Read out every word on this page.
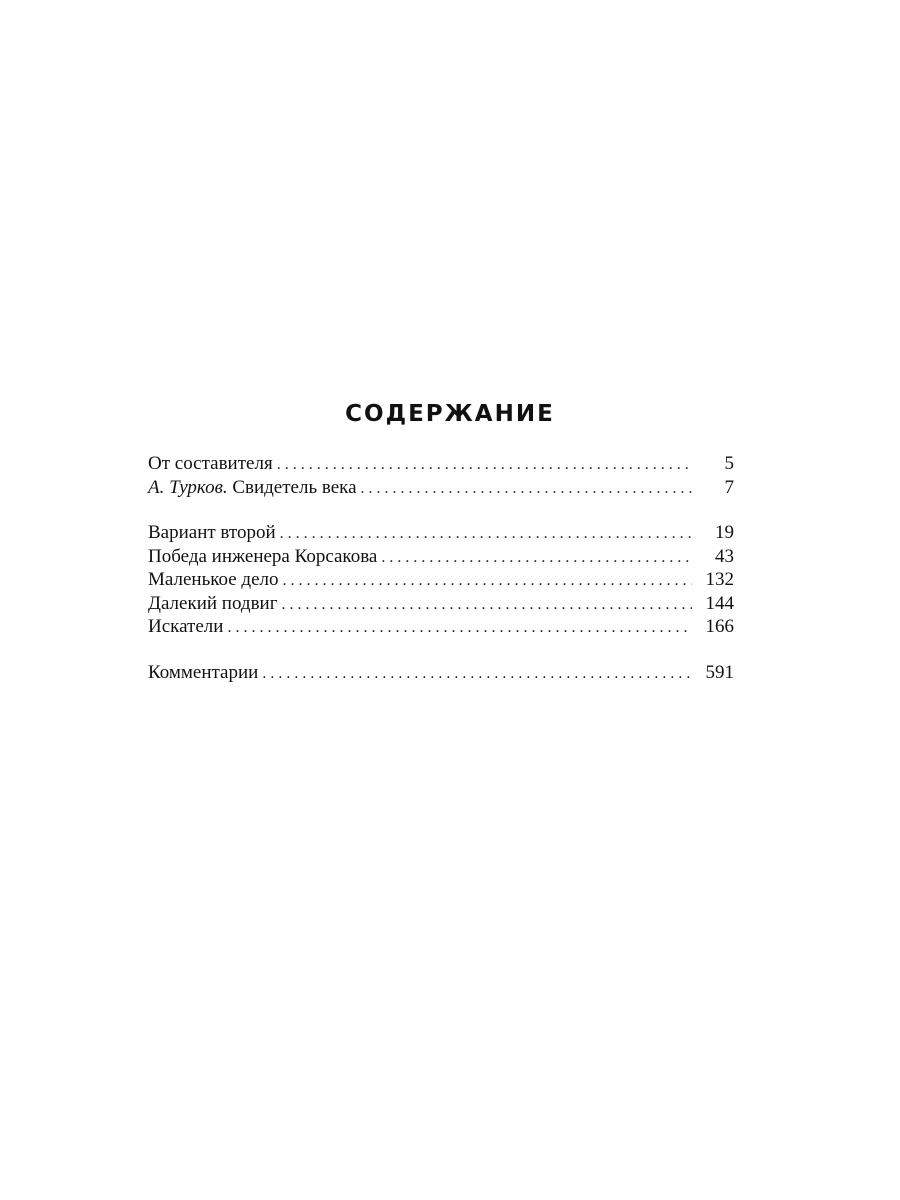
СОДЕРЖАНИЕ
От составителя . . .	5
А. Турков. Свидетель века . . .	7
Вариант второй . . .	19
Победа инженера Корсакова . . .	43
Маленькое дело . . .	132
Далекий подвиг . . .	144
Искатели . . .	166
Комментарии . . .	591
